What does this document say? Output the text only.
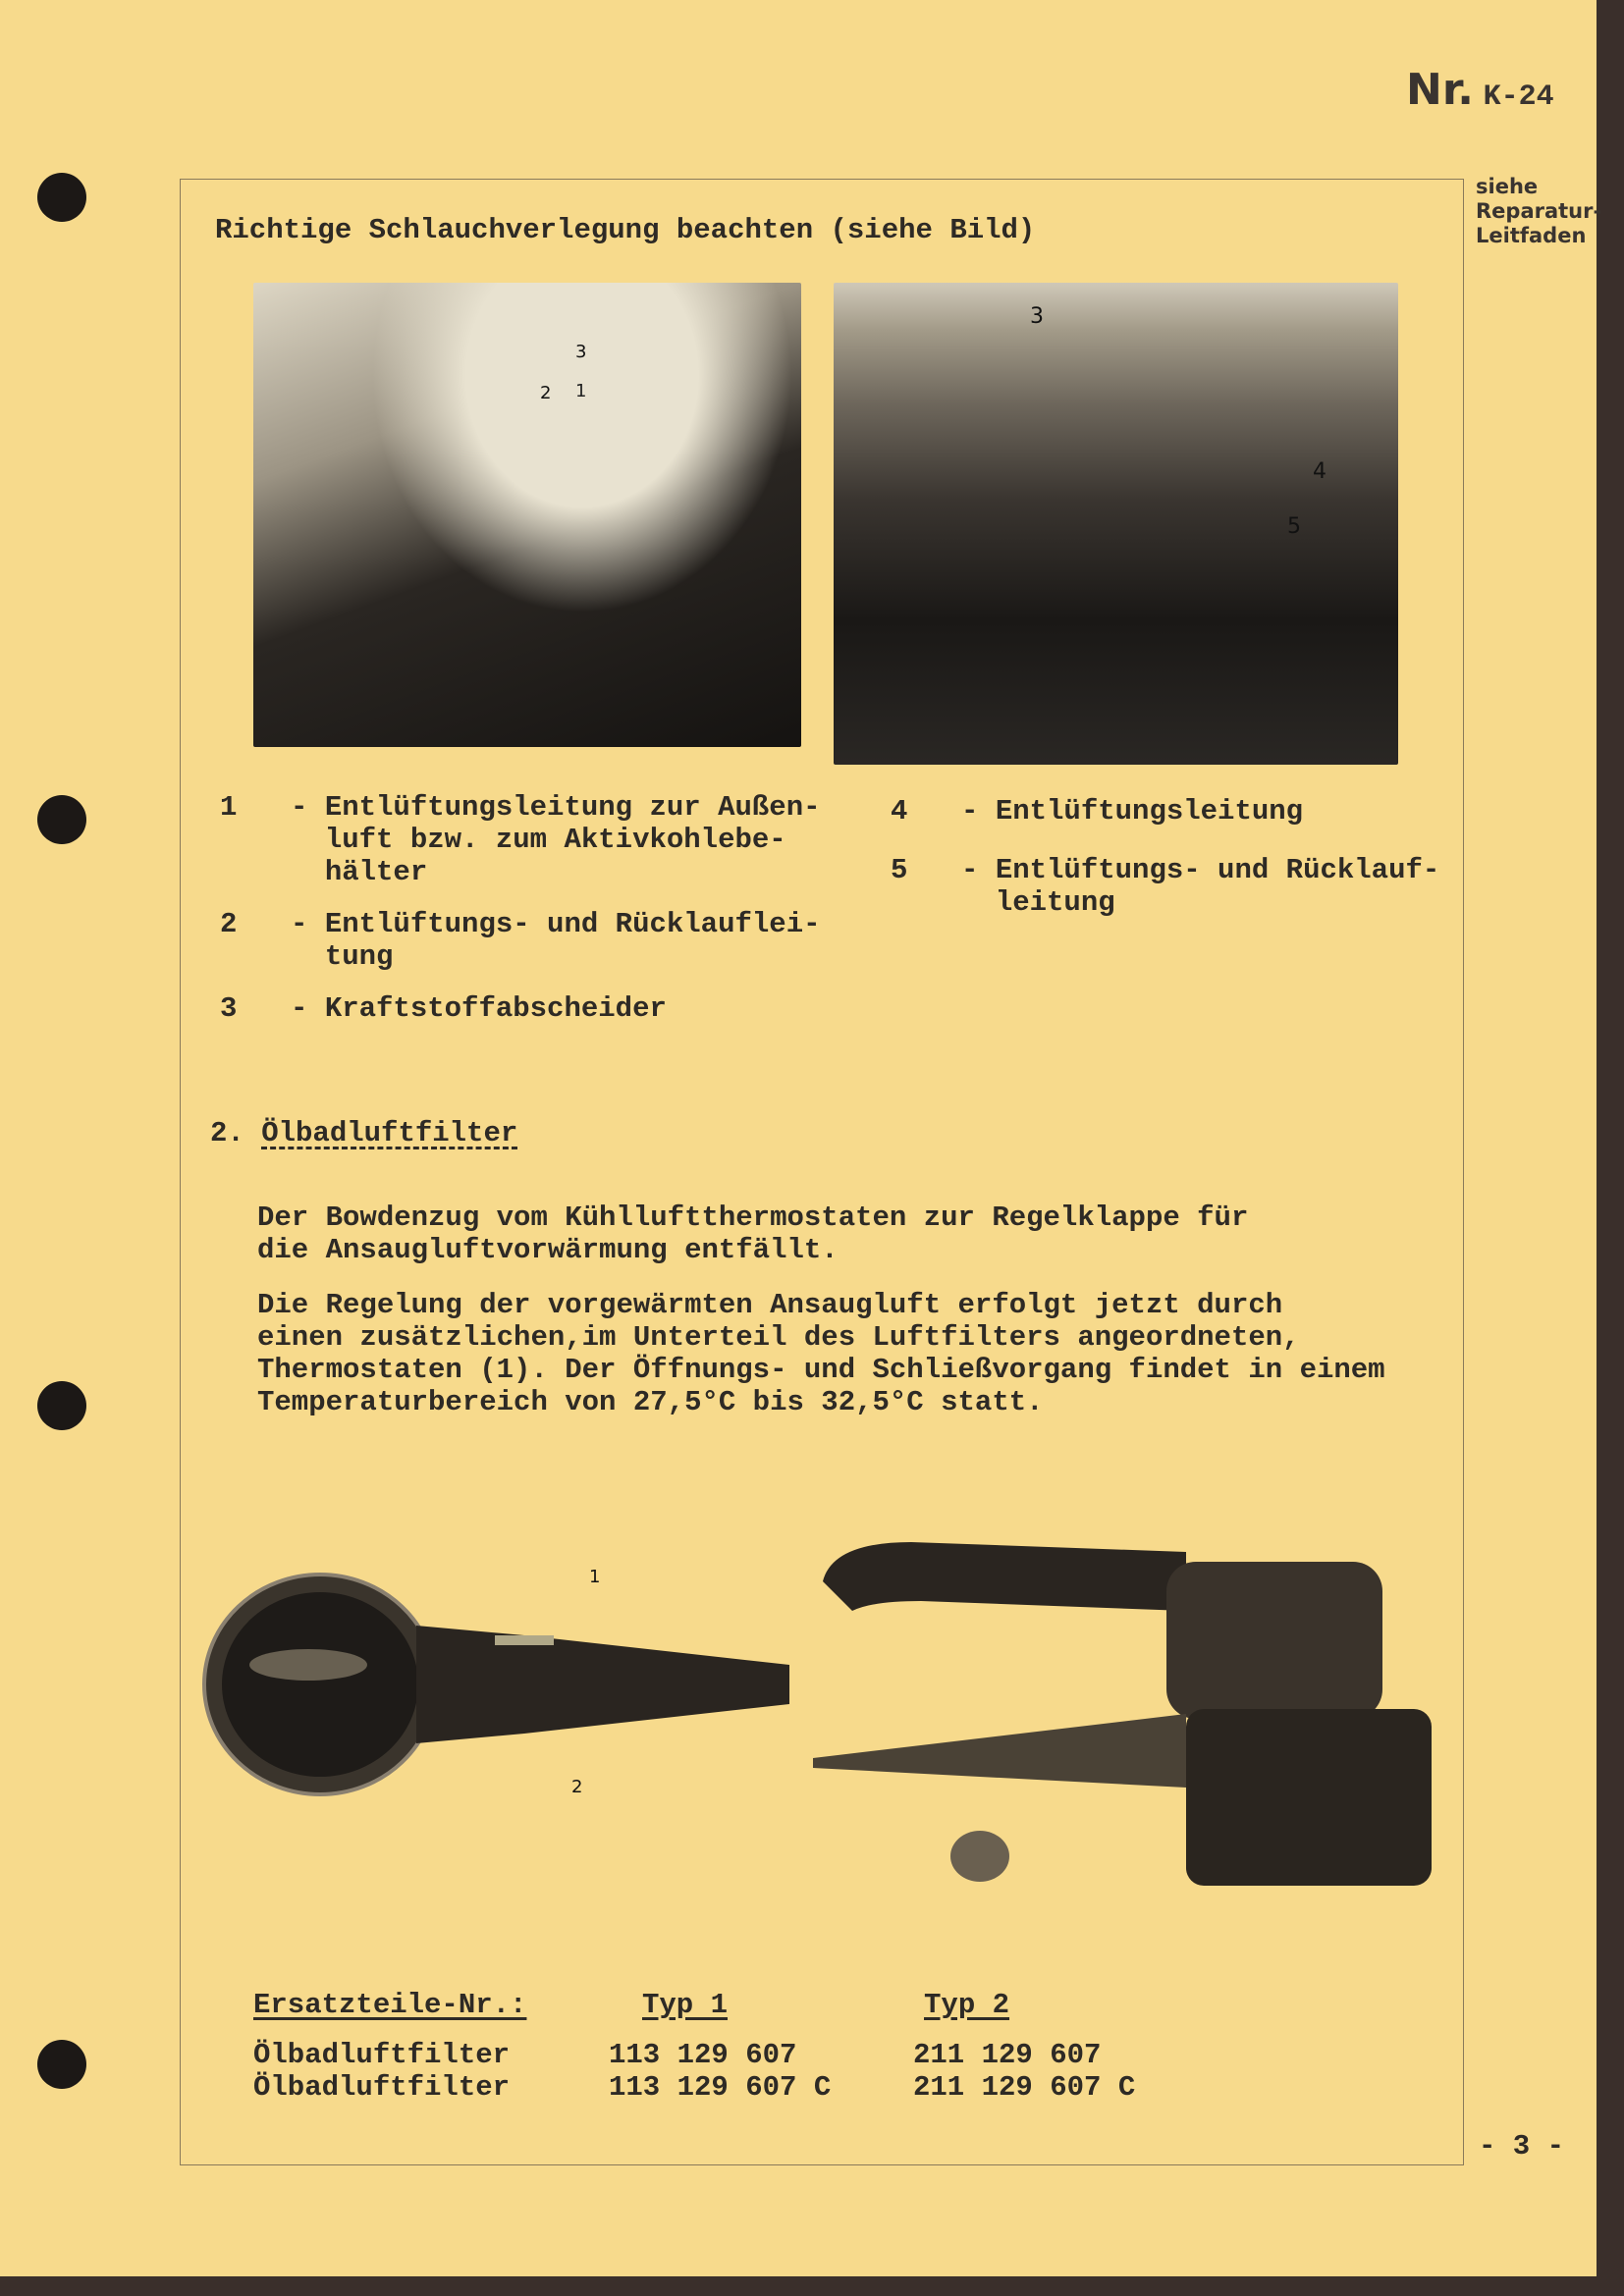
Nr. K-24
siehe
Reparatur-
Leitfaden
Richtige Schlauchverlegung beachten (siehe Bild)
3
1
2
3
4
5
1	- Entlüftungsleitung zur Außen-
luft bzw. zum Aktivkohlebe-
hälter
2	- Entlüftungs- und Rücklauflei-
tung
3	- Kraftstoffabscheider
4	- Entlüftungsleitung
5	- Entlüftungs- und Rücklauf-
leitung
2. Ölbadluftfilter
Der Bowdenzug vom Kühlluftthermostaten zur Regelklappe für
die Ansaugluftvorwärmung entfällt.
Die Regelung der vorgewärmten Ansaugluft erfolgt jetzt durch
einen zusätzlichen,im Unterteil des Luftfilters angeordneten,
Thermostaten (1). Der Öffnungs- und Schließvorgang findet in einem
Temperaturbereich von 27,5°C bis 32,5°C statt.
1
2
Ersatzteile-Nr.:	Typ 1	Typ 2
Ölbadluftfilter	113 129 607	211 129 607
Ölbadluftfilter	113 129 607 C	211 129 607 C
- 3 -
